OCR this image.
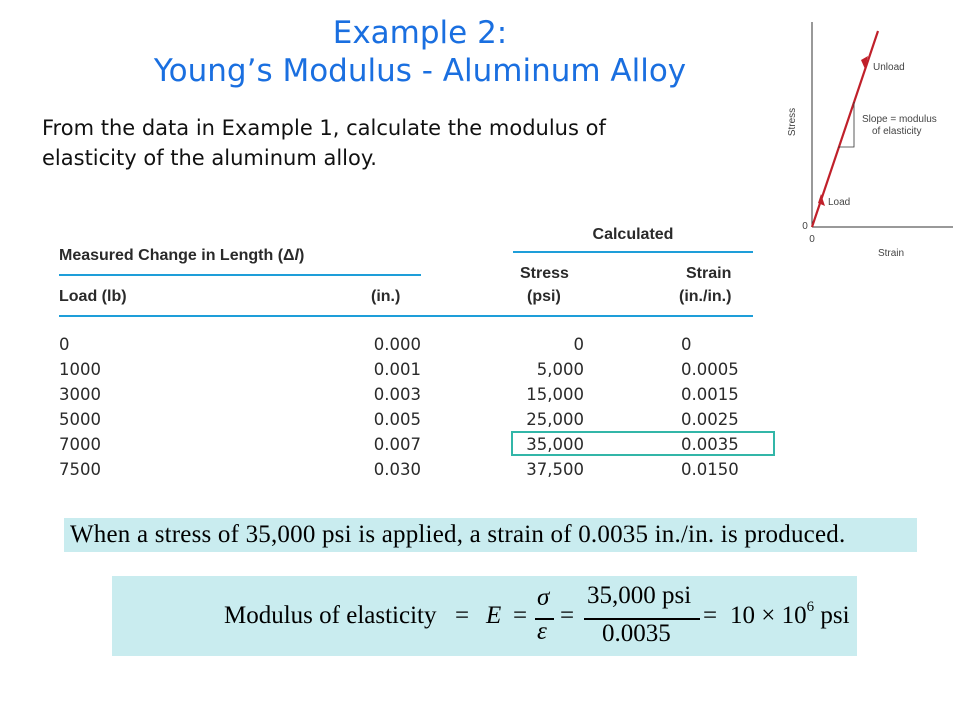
Example 2:
Young’s Modulus - Aluminum Alloy
From the data in Example 1, calculate the modulus of
elasticity of the aluminum alloy.
Stress
Strain
0
0
Unload
Load
Slope = modulus
of elasticity
Calculated
Measured Change in Length (Δl)
Stress	Strain
Load (lb)	(in.)	(psi)	(in./in.)
0	0.000	0	0
1000	0.001	5,000	0.0005
3000	0.003	15,000	0.0015
5000	0.005	25,000	0.0025
7000	0.007	35,000	0.0035
7500	0.030	37,500	0.0150
When a stress of 35,000 psi is applied, a strain of 0.0035 in./in. is produced.
Modulus of elasticity = E =
σ
ε
=
35,000 psi
0.0035
= $10 \times 10^6$ psi
